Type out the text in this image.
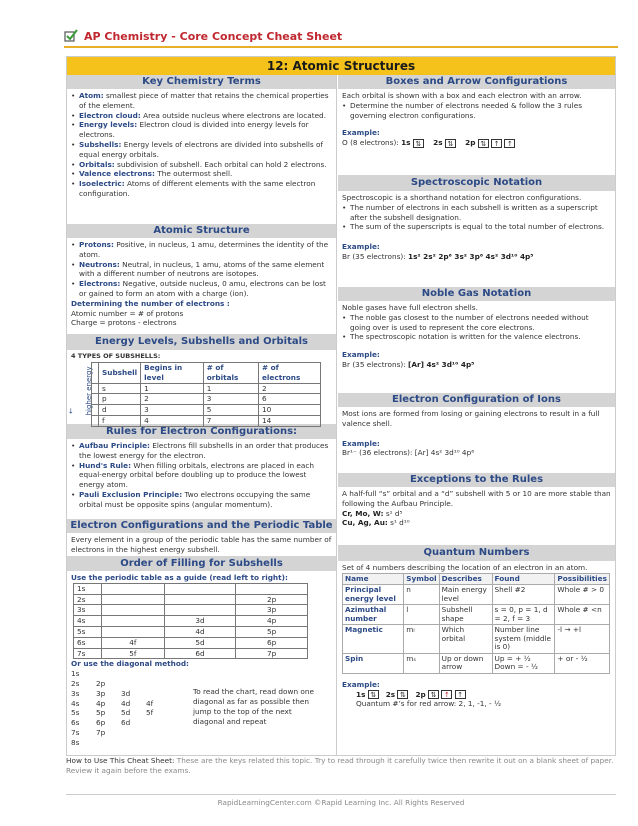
AP Chemistry - Core Concept Cheat Sheet
12: Atomic Structures
Key Chemistry Terms
• Atom: smallest piece of matter that retains the chemical properties of the element.
• Electron cloud: Area outside nucleus where electrons are located.
• Energy levels: Electron cloud is divided into energy levels for electrons.
• Subshells: Energy levels of electrons are divided into subshells of equal energy orbitals.
• Orbitals: subdivision of subshell. Each orbital can hold 2 electrons.
• Valence electrons: The outermost shell.
• Isoelectric: Atoms of different elements with the same electron configuration.
Atomic Structure
• Protons: Positive, in nucleus, 1 amu, determines the identity of the atom.
• Neutrons: Neutral, in nucleus, 1 amu, atoms of the same element with a different number of neutrons are isotopes.
• Electrons: Negative, outside nucleus, 0 amu, electrons can be lost or gained to form an atom with a charge (ion).
Determining the number of electrons :
Atomic number = # of protons
Charge = protons - electrons
Energy Levels, Subshells and Orbitals
4 TYPES OF SUBSHELLS:
← higher energy
	Subshell	Begins in level	# of orbitals	# of electrons
	s	1	1	2
	p	2	3	6
	d	3	5	10
	f	4	7	14
Rules for Electron Configurations:
• Aufbau Principle: Electrons fill subshells in an order that produces the lowest energy for the electron.
• Hund's Rule: When filling orbitals, electrons are placed in each equal-energy orbital before doubling up to produce the lowest energy atom.
• Pauli Exclusion Principle: Two electrons occupying the same orbital must be opposite spins (angular momentum).
Electron Configurations and the Periodic Table
Every element in a group of the periodic table has the same number of electrons in the highest energy subshell.
Order of Filling for Subshells
Use the periodic table as a guide (read left to right):
1s			
2s			2p
3s			3p
4s		3d	4p
5s		4d	5p
6s	4f	5d	6p
7s	5f	6d	7p
Or use the diagonal method:
1s
2s 2p
3s 3p 3d
4s 4p 4d 4f
5s 5p 5d 5f
6s 6p 6d
7s 7p
8s
To read the chart, read down one diagonal as far as possible then jump to the top of the next diagonal and repeat
Boxes and Arrow Configurations
Each orbital is shown with a box and each electron with an arrow.
• Determine the number of electrons needed & follow the 3 rules governing electron configurations.
Example:
O (8 electrons): 1s ⇅ 2s ⇅ 2p ⇅ ↑ ↑
Spectroscopic Notation
Spectroscopic is a shorthand notation for electron configurations.
• The number of electrons in each subshell is written as a superscript after the subshell designation.
• The sum of the superscripts is equal to the total number of electrons.
Example:
Br (35 electrons): 1s² 2s² 2p⁶ 3s² 3p⁶ 4s² 3d¹⁰ 4p⁵
Noble Gas Notation
Noble gases have full electron shells.
• The noble gas closest to the number of electrons needed without going over is used to represent the core electrons.
• The spectroscopic notation is written for the valence electrons.
Example:
Br (35 electrons): [Ar] 4s² 3d¹⁰ 4p⁵
Electron Configuration of Ions
Most ions are formed from losing or gaining electrons to result in a full valence shell.
Example:
Br¹⁻ (36 electrons): [Ar] 4s² 3d¹⁰ 4p⁶
Exceptions to the Rules
A half-full “s” orbital and a “d” subshell with 5 or 10 are more stable than following the Aufbau Principle.
Cr, Mo, W: s¹ d⁵
Cu, Ag, Au: s¹ d¹⁰
Quantum Numbers
Set of 4 numbers describing the location of an electron in an atom.
Name	Symbol	Describes	Found	Possibilities
Principal energy level	n	Main energy level	Shell #2	Whole # > 0
Azimuthal number	l	Subshell shape	s = 0, p = 1, d = 2, f = 3	Whole # <n
Magnetic	mₗ	Which orbital	Number line system (middle is 0)	-l → +l
Spin	mₛ	Up or down arrow	Up = + ½ Down = - ½	+ or - ½
Example:
1s ⇅ 2s ⇅ 2p ⇅ ↑ ↑
Quantum #’s for red arrow: 2, 1, -1, - ½
How to Use This Cheat Sheet: These are the keys related this topic. Try to read through it carefully twice then rewrite it out on a blank sheet of paper. Review it again before the exams.
RapidLearningCenter.com ©Rapid Learning Inc. All Rights Reserved
